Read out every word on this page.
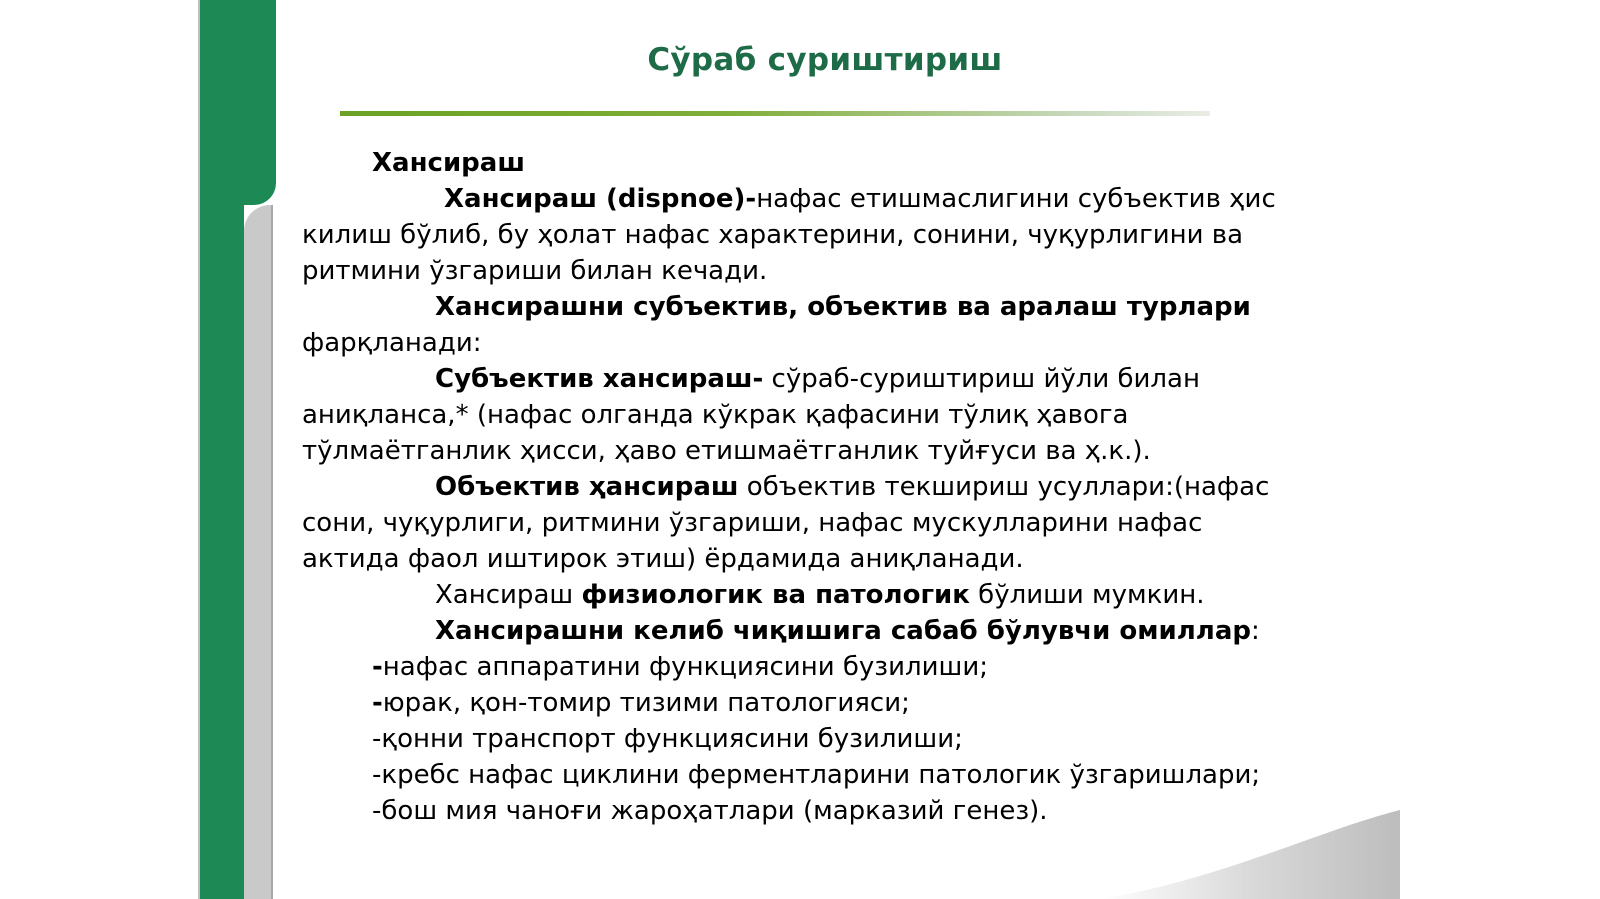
Сўраб суриштириш
Хансираш
Хансираш (dispnoe)-нафас етишмаслигини субъектив ҳис
килиш бўлиб, бу ҳолат нафас характерини, сонини, чуқурлигини ва
ритмини ўзгариши билан кечади.
Хансирашни субъектив, объектив ва аралаш турлари
фарқланади:
Субъектив хансираш- сўраб-суриштириш йўли билан
аниқланса,* (нафас олганда кўкрак қафасини тўлиқ ҳавога
тўлмаётганлик ҳисси, ҳаво етишмаётганлик туйғуси ва ҳ.к.).
Объектив ҳансираш объектив текшириш усуллари:(нафас
сони, чуқурлиги, ритмини ўзгариши, нафас мускулларини нафас
актида фаол иштирок этиш) ёрдамида аниқланади.
Хансираш физиологик ва патологик бўлиши мумкин.
Хансирашни келиб чиқишига сабаб бўлувчи омиллар:
-нафас аппаратини функциясини бузилиши;
-юрак, қон-томир тизими патологияси;
-қонни транспорт функциясини бузилиши;
-кребс нафас циклини ферментларини патологик ўзгаришлари;
-бош мия чаноғи жароҳатлари (марказий генез).
